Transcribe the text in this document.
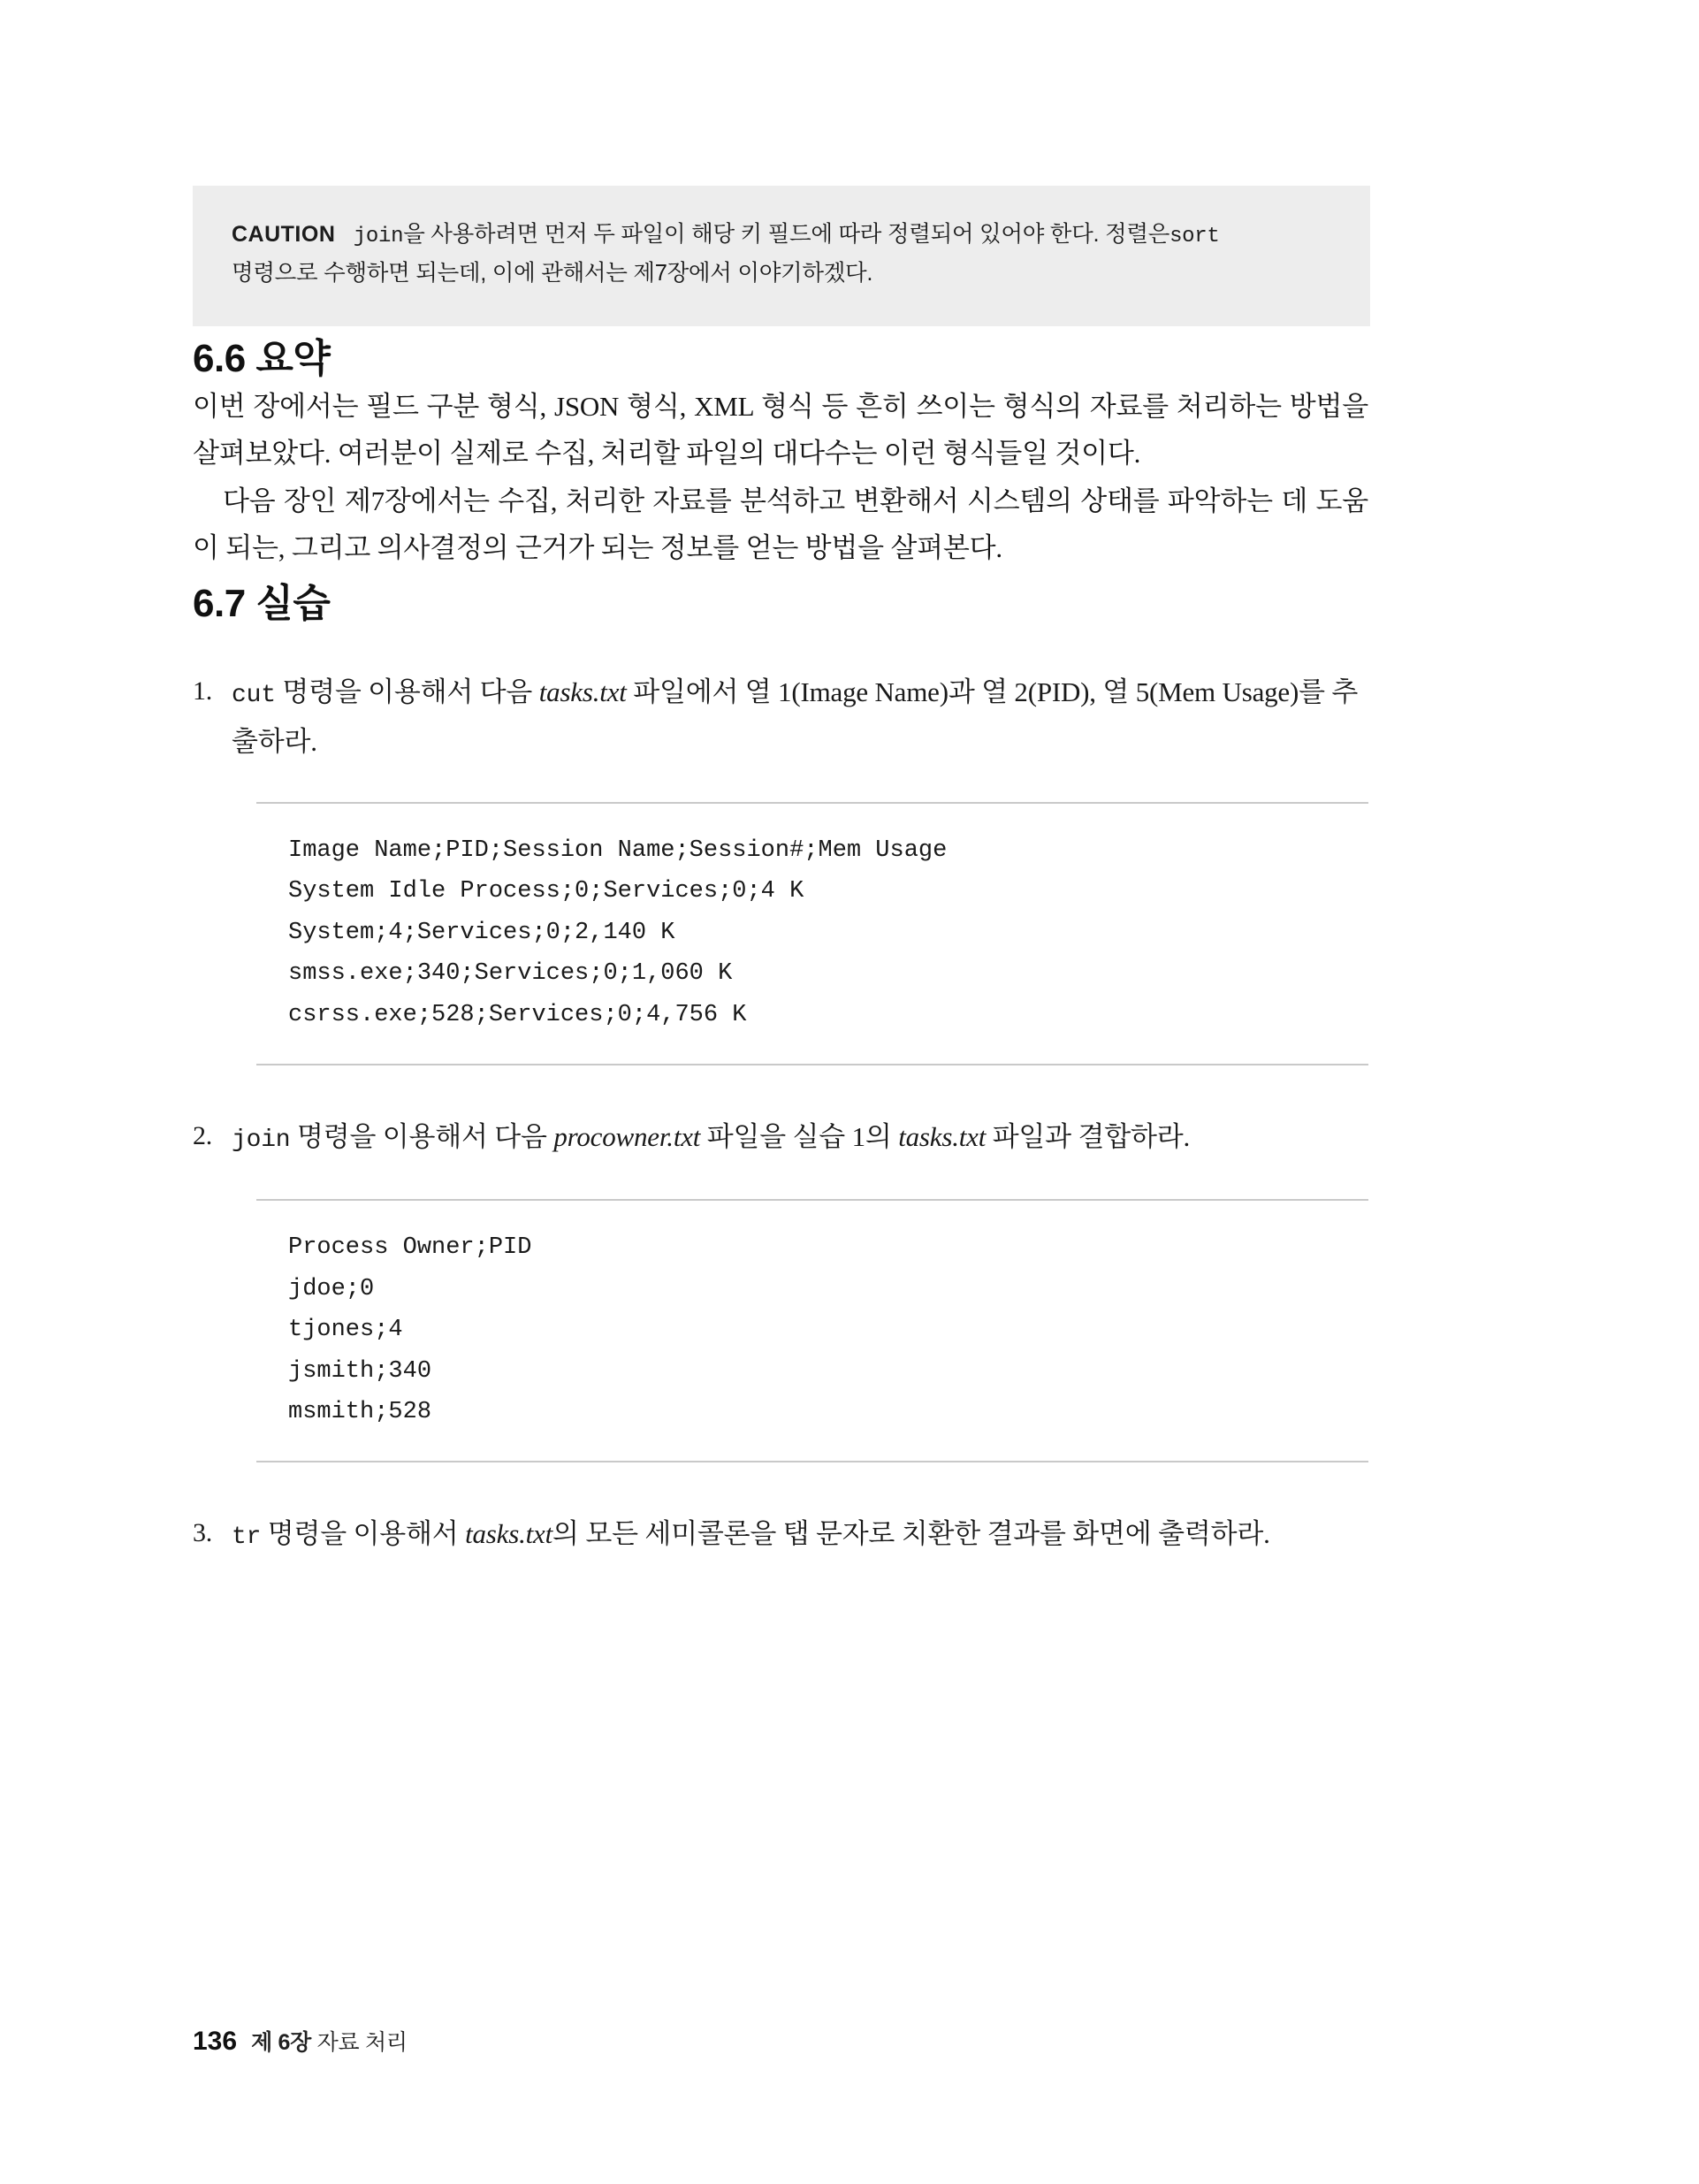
CAUTION join을 사용하려면 먼저 두 파일이 해당 키 필드에 따라 정렬되어 있어야 한다. 정렬은sort
명령으로 수행하면 되는데, 이에 관해서는 제7장에서 이야기하겠다.
6.6 요약

이번 장에서는 필드 구분 형식, JSON 형식, XML 형식 등 흔히 쓰이는 형식의 자료를 처리하는 방법을 살펴보았다. 여러분이 실제로 수집, 처리할 파일의 대다수는 이런 형식들일 것이다.

다음 장인 제7장에서는 수집, 처리한 자료를 분석하고 변환해서 시스템의 상태를 파악하는 데 도움이 되는, 그리고 의사결정의 근거가 되는 정보를 얻는 방법을 살펴본다.

6.7 실습
1. cut 명령을 이용해서 다음 tasks.txt 파일에서 열 1(Image Name)과 열 2(PID), 열 5(Mem Usage)를 추출하라.
Image Name;PID;Session Name;Session#;Mem Usage
System Idle Process;0;Services;0;4 K
System;4;Services;0;2,140 K
smss.exe;340;Services;0;1,060 K
csrss.exe;528;Services;0;4,756 K
2. join 명령을 이용해서 다음 procowner.txt 파일을 실습 1의 tasks.txt 파일과 결합하라.
Process Owner;PID
jdoe;0
tjones;4
jsmith;340
msmith;528
3. tr 명령을 이용해서 tasks.txt의 모든 세미콜론을 탭 문자로 치환한 결과를 화면에 출력하라.
136 제 6장 자료 처리
